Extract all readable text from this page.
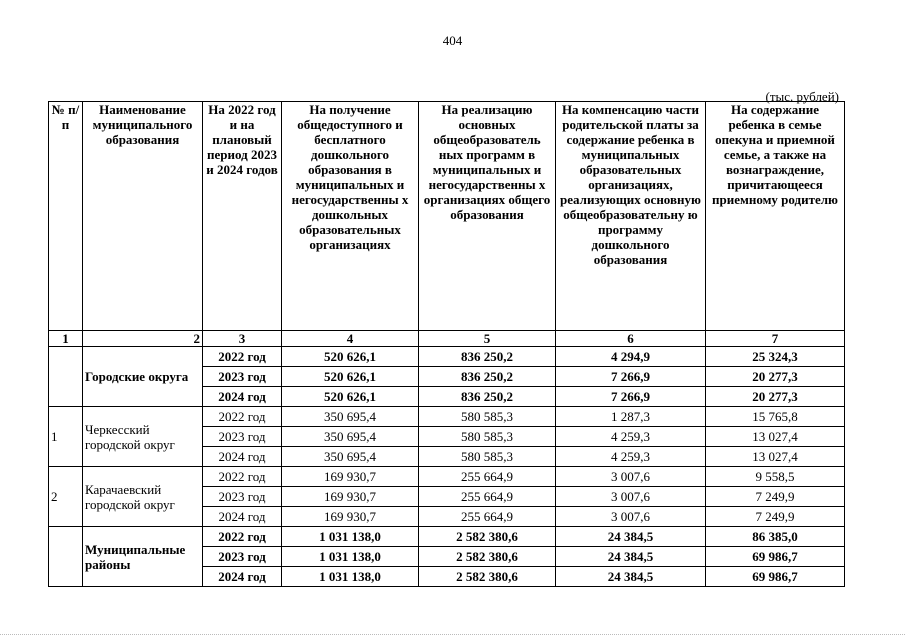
404
(тыс. рублей)
№ п/п	Наименование муниципального образования	На 2022 год и на плановый период 2023 и 2024 годов	На получение общедоступного и бесплатного дошкольного образования в муниципальных и негосударственны х дошкольных образовательных организациях	На реализацию основных общеобразователь ных программ в муниципальных и негосударственны х организациях общего образования	На компенсацию части родительской платы за содержание ребенка в муниципальных образовательных организациях, реализующих основную общеобразовательну ю программу дошкольного образования	На содержание ребенка в семье опекуна и приемной семье, а также на вознаграждение, причитающееся приемному родителю
1	2	3	4	5	6	7
	Городские округа	2022 год	520 626,1	836 250,2	4 294,9	25 324,3
		2023 год	520 626,1	836 250,2	7 266,9	20 277,3
		2024 год	520 626,1	836 250,2	7 266,9	20 277,3
1	Черкесский городской округ	2022 год	350 695,4	580 585,3	1 287,3	15 765,8
		2023 год	350 695,4	580 585,3	4 259,3	13 027,4
		2024 год	350 695,4	580 585,3	4 259,3	13 027,4
2	Карачаевский городской округ	2022 год	169 930,7	255 664,9	3 007,6	9 558,5
		2023 год	169 930,7	255 664,9	3 007,6	7 249,9
		2024 год	169 930,7	255 664,9	3 007,6	7 249,9
	Муниципальные районы	2022 год	1 031 138,0	2 582 380,6	24 384,5	86 385,0
		2023 год	1 031 138,0	2 582 380,6	24 384,5	69 986,7
		2024 год	1 031 138,0	2 582 380,6	24 384,5	69 986,7
